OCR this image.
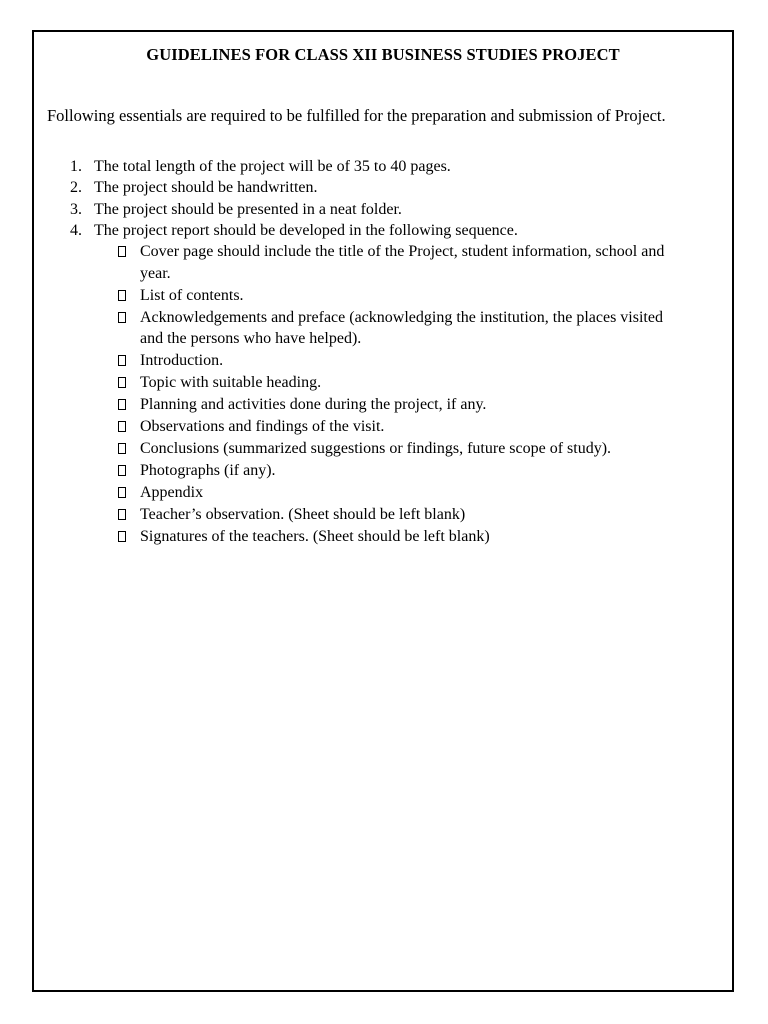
GUIDELINES FOR CLASS XII BUSINESS STUDIES PROJECT
Following essentials are required to be fulfilled for the preparation and submission of Project.
1. The total length of the project will be of 35 to 40 pages.
2. The project should be handwritten.
3. The project should be presented in a neat folder.
4. The project report should be developed in the following sequence.
Cover page should include the title of the Project, student information, school and year.
List of contents.
Acknowledgements and preface (acknowledging the institution, the places visited and the persons who have helped).
Introduction.
Topic with suitable heading.
Planning and activities done during the project, if any.
Observations and findings of the visit.
Conclusions (summarized suggestions or findings, future scope of study).
Photographs (if any).
Appendix
Teacher’s observation. (Sheet should be left blank)
Signatures of the teachers. (Sheet should be left blank)
